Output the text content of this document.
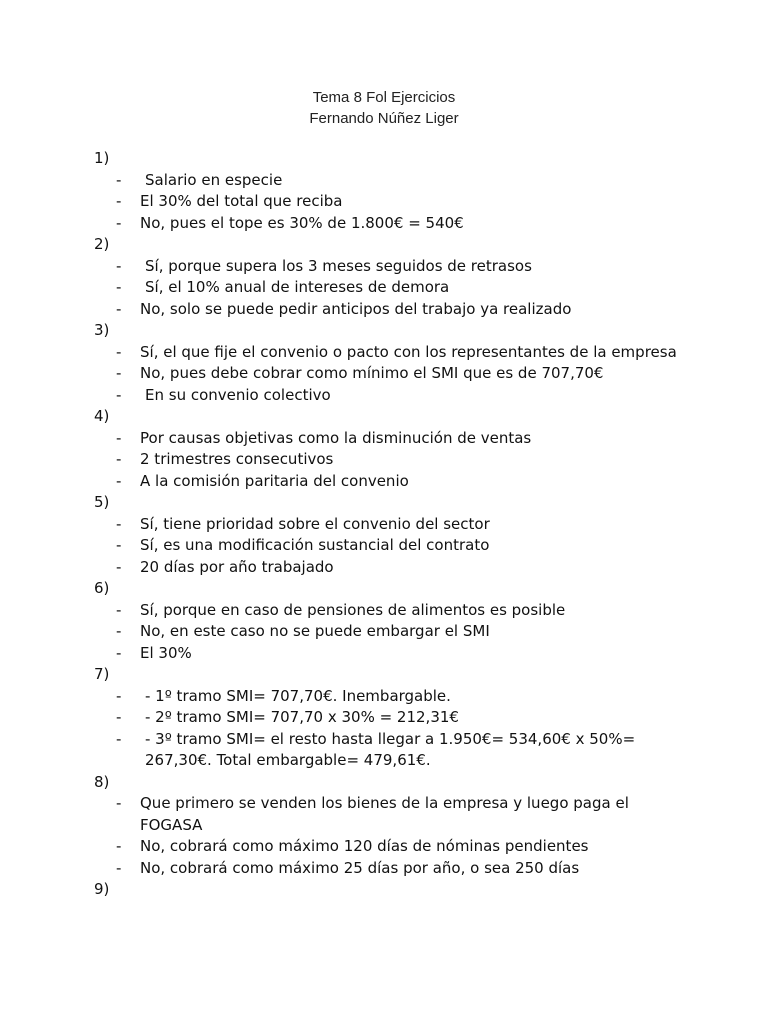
Tema 8 Fol Ejercicios
Fernando Núñez Liger
1)
- Salario en especie
- El 30% del total que reciba
- No, pues el tope es 30% de 1.800€ = 540€
2)
- Sí, porque supera los 3 meses seguidos de retrasos
- Sí, el 10% anual de intereses de demora
- No, solo se puede pedir anticipos del trabajo ya realizado
3)
- Sí, el que fije el convenio o pacto con los representantes de la empresa
- No, pues debe cobrar como mínimo el SMI que es de 707,70€
- En su convenio colectivo
4)
- Por causas objetivas como la disminución de ventas
- 2 trimestres consecutivos
- A la comisión paritaria del convenio
5)
- Sí, tiene prioridad sobre el convenio del sector
- Sí, es una modificación sustancial del contrato
- 20 días por año trabajado
6)
- Sí, porque en caso de pensiones de alimentos es posible
- No, en este caso no se puede embargar el SMI
- El 30%
7)
- - 1º tramo SMI= 707,70€. Inembargable.
- - 2º tramo SMI= 707,70 x 30% = 212,31€
- - 3º tramo SMI= el resto hasta llegar a 1.950€= 534,60€ x 50%= 267,30€. Total embargable= 479,61€.
8)
- Que primero se venden los bienes de la empresa y luego paga el FOGASA
- No, cobrará como máximo 120 días de nóminas pendientes
- No, cobrará como máximo 25 días por año, o sea 250 días
9)
